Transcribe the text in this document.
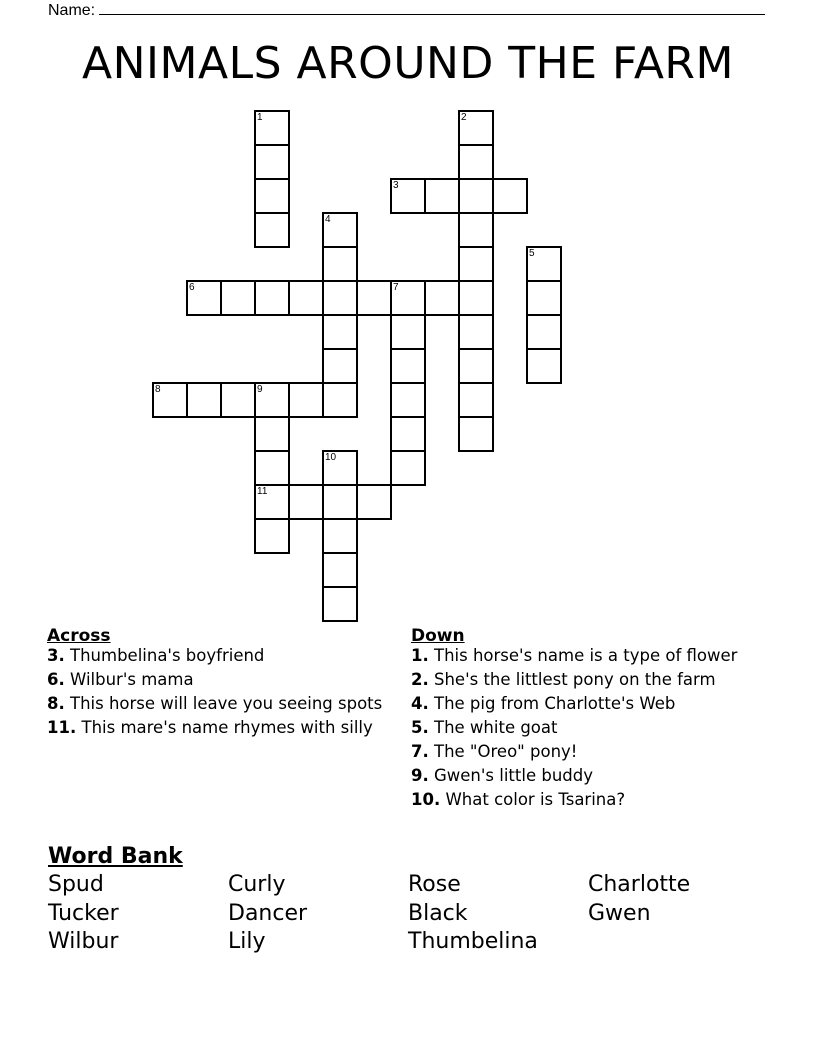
Name:
ANIMALS AROUND THE FARM
1	2
3
4
5
6	7
8	9
11
10
Across
3. Thumbelina's boyfriend
6. Wilbur's mama
8. This horse will leave you seeing spots
11. This mare's name rhymes with silly
Down
1. This horse's name is a type of flower
2. She's the littlest pony on the farm
4. The pig from Charlotte's Web
5. The white goat
7. The "Oreo" pony!
9. Gwen's little buddy
10. What color is Tsarina?
Word Bank
Spud	Curly	Rose	Charlotte
Tucker	Dancer	Black	Gwen
Wilbur	Lily	Thumbelina
